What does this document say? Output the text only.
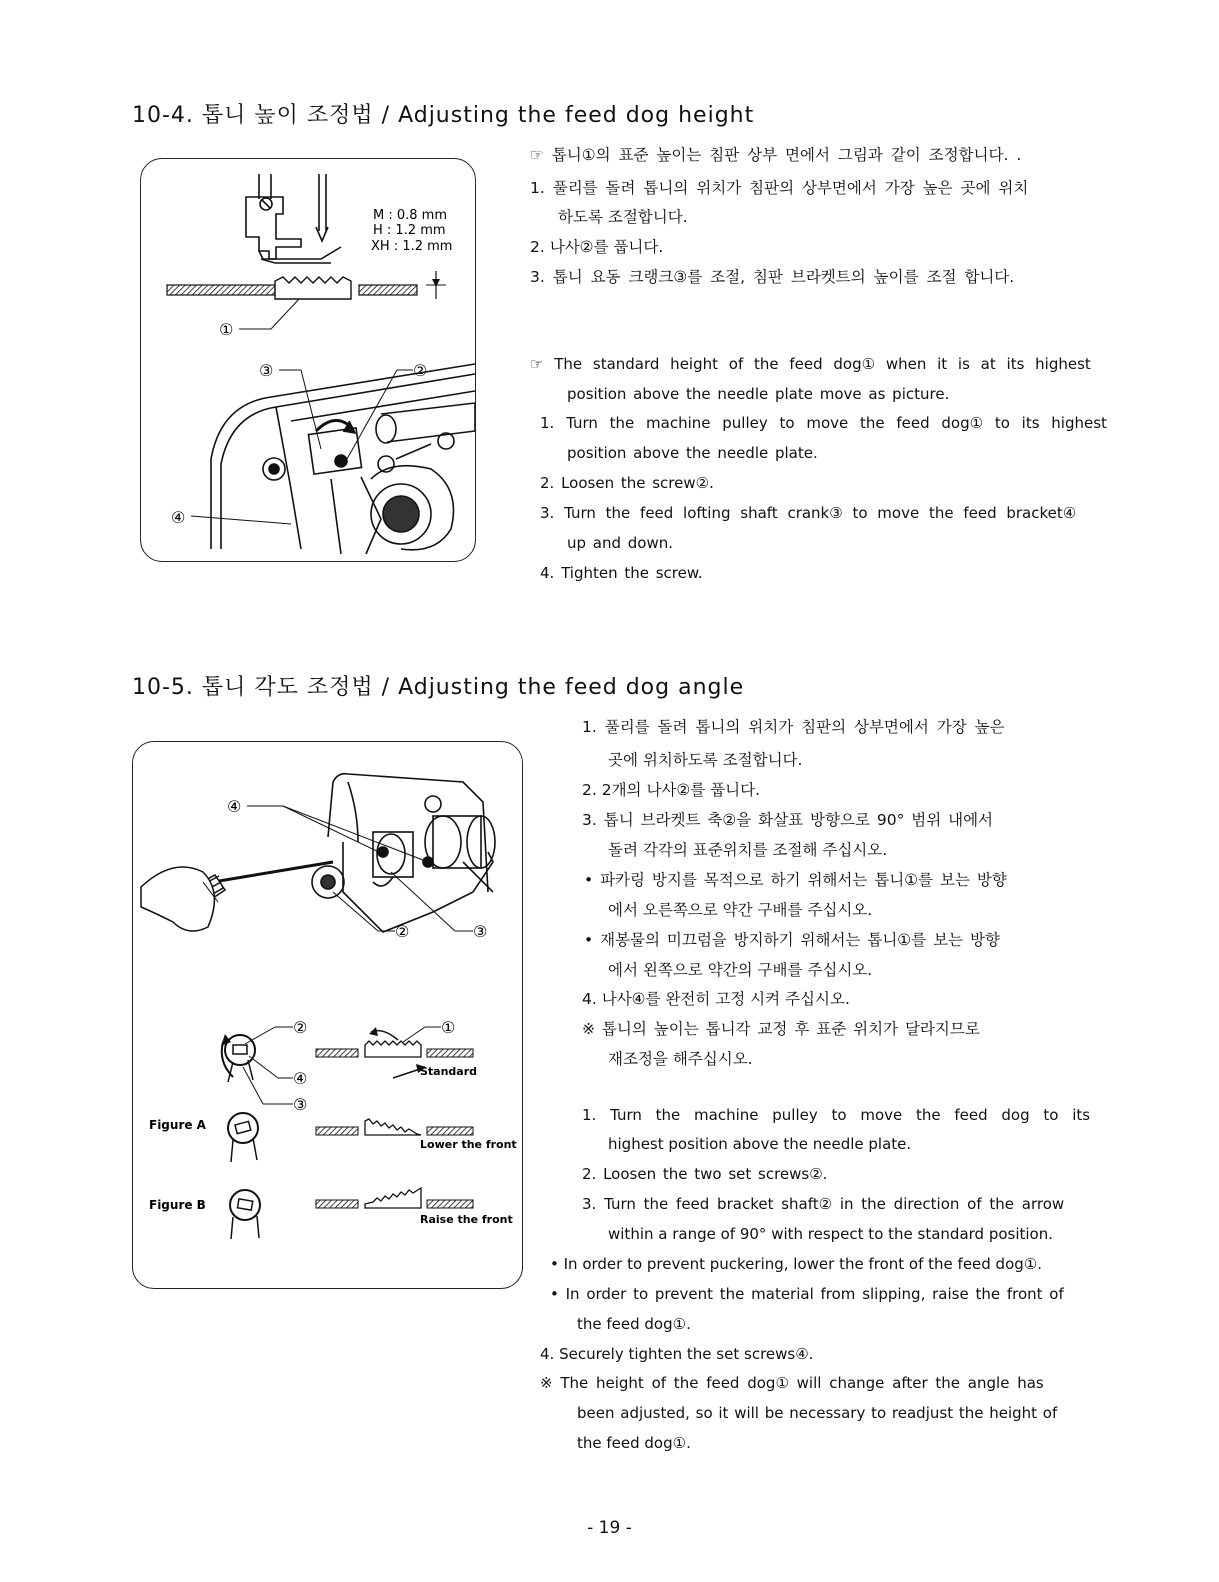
10-4. 톱니 높이 조정법 / Adjusting the feed dog height
M : 0.8 mm
H : 1.2 mm
XH : 1.2 mm
①
③	②
④
☞ 톱니①의 표준 높이는 침판 상부 면에서 그림과 같이 조정합니다. .
1. 풀리를 돌려 톱니의 위치가 침판의 상부면에서 가장 높은 곳에 위치
하도록 조절합니다.
2. 나사②를 풉니다.
3. 톱니 요동 크랭크③를 조절, 침판 브라켓트의 높이를 조절 합니다.
☞ The standard height of the feed dog① when it is at its highest
position above the needle plate move as picture.
1. Turn the machine pulley to move the feed dog① to its highest
position above the needle plate.
2. Loosen the screw②.
3. Turn the feed lofting shaft crank③ to move the feed bracket④
up and down.
4. Tighten the screw.
10-5. 톱니 각도 조정법 / Adjusting the feed dog angle
④
②	③
Standard
②	①
④
③
Figure A
Lower the front
Figure B
Raise the front
1. 풀리를 돌려 톱니의 위치가 침판의 상부면에서 가장 높은
곳에 위치하도록 조절합니다.
2. 2개의 나사②를 풉니다.
3. 톱니 브라켓트 축②을 화살표 방향으로 90° 범위 내에서
돌려 각각의 표준위치를 조절해 주십시오.
• 파카링 방지를 목적으로 하기 위해서는 톱니①를 보는 방향
에서 오른쪽으로 약간 구배를 주십시오.
• 재봉물의 미끄럼을 방지하기 위해서는 톱니①를 보는 방향
에서 왼쪽으로 약간의 구배를 주십시오.
4. 나사④를 완전히 고정 시켜 주십시오.
※ 톱니의 높이는 톱니각 교정 후 표준 위치가 달라지므로
재조정을 해주십시오.
1. Turn the machine pulley to move the feed dog to its
highest position above the needle plate.
2. Loosen the two set screws②.
3. Turn the feed bracket shaft② in the direction of the arrow
within a range of 90° with respect to the standard position.
• In order to prevent puckering, lower the front of the feed dog①.
• In order to prevent the material from slipping, raise the front of
the feed dog①.
4. Securely tighten the set screws④.
※ The height of the feed dog① will change after the angle has
been adjusted, so it will be necessary to readjust the height of
the feed dog①.
- 19 -
